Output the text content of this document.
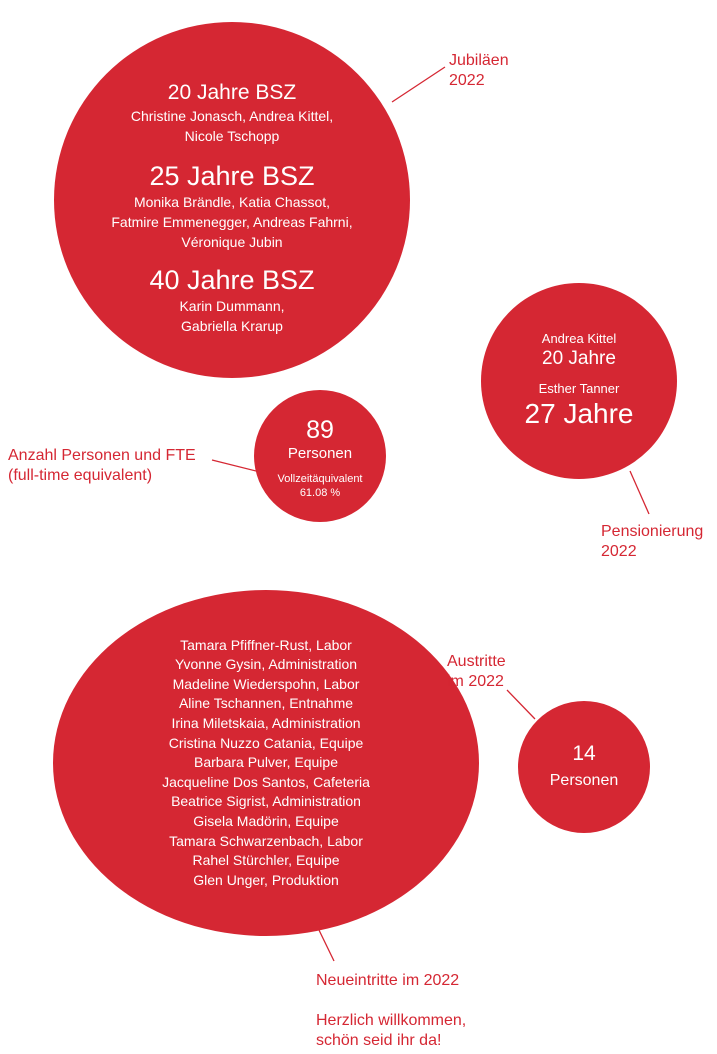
20 Jahre BSZ
Christine Jonasch, Andrea Kittel,
Nicole Tschopp
25 Jahre BSZ
Monika Brändle, Katia Chassot,
Fatmire Emmenegger, Andreas Fahrni,
Véronique Jubin
40 Jahre BSZ
Karin Dummann,
Gabriella Krarup
Jubiläen
2022
Andrea Kittel
20 Jahre
Esther Tanner
27 Jahre
Pensionierung
2022
89
Personen
Vollzeitäquivalent
61.08 %
Anzahl Personen und FTE
(full-time equivalent)
Tamara Pfiffner-Rust, Labor
Yvonne Gysin, Administration
Madeline Wiederspohn, Labor
Aline Tschannen, Entnahme
Irina Miletskaia, Administration
Cristina Nuzzo Catania, Equipe
Barbara Pulver, Equipe
Jacqueline Dos Santos, Cafeteria
Beatrice Sigrist, Administration
Gisela Madörin, Equipe
Tamara Schwarzenbach, Labor
Rahel Stürchler, Equipe
Glen Unger, Produktion
Neueintritte im 2022
Herzlich willkommen,
schön seid ihr da!
14
Personen
Austritte
im 2022
